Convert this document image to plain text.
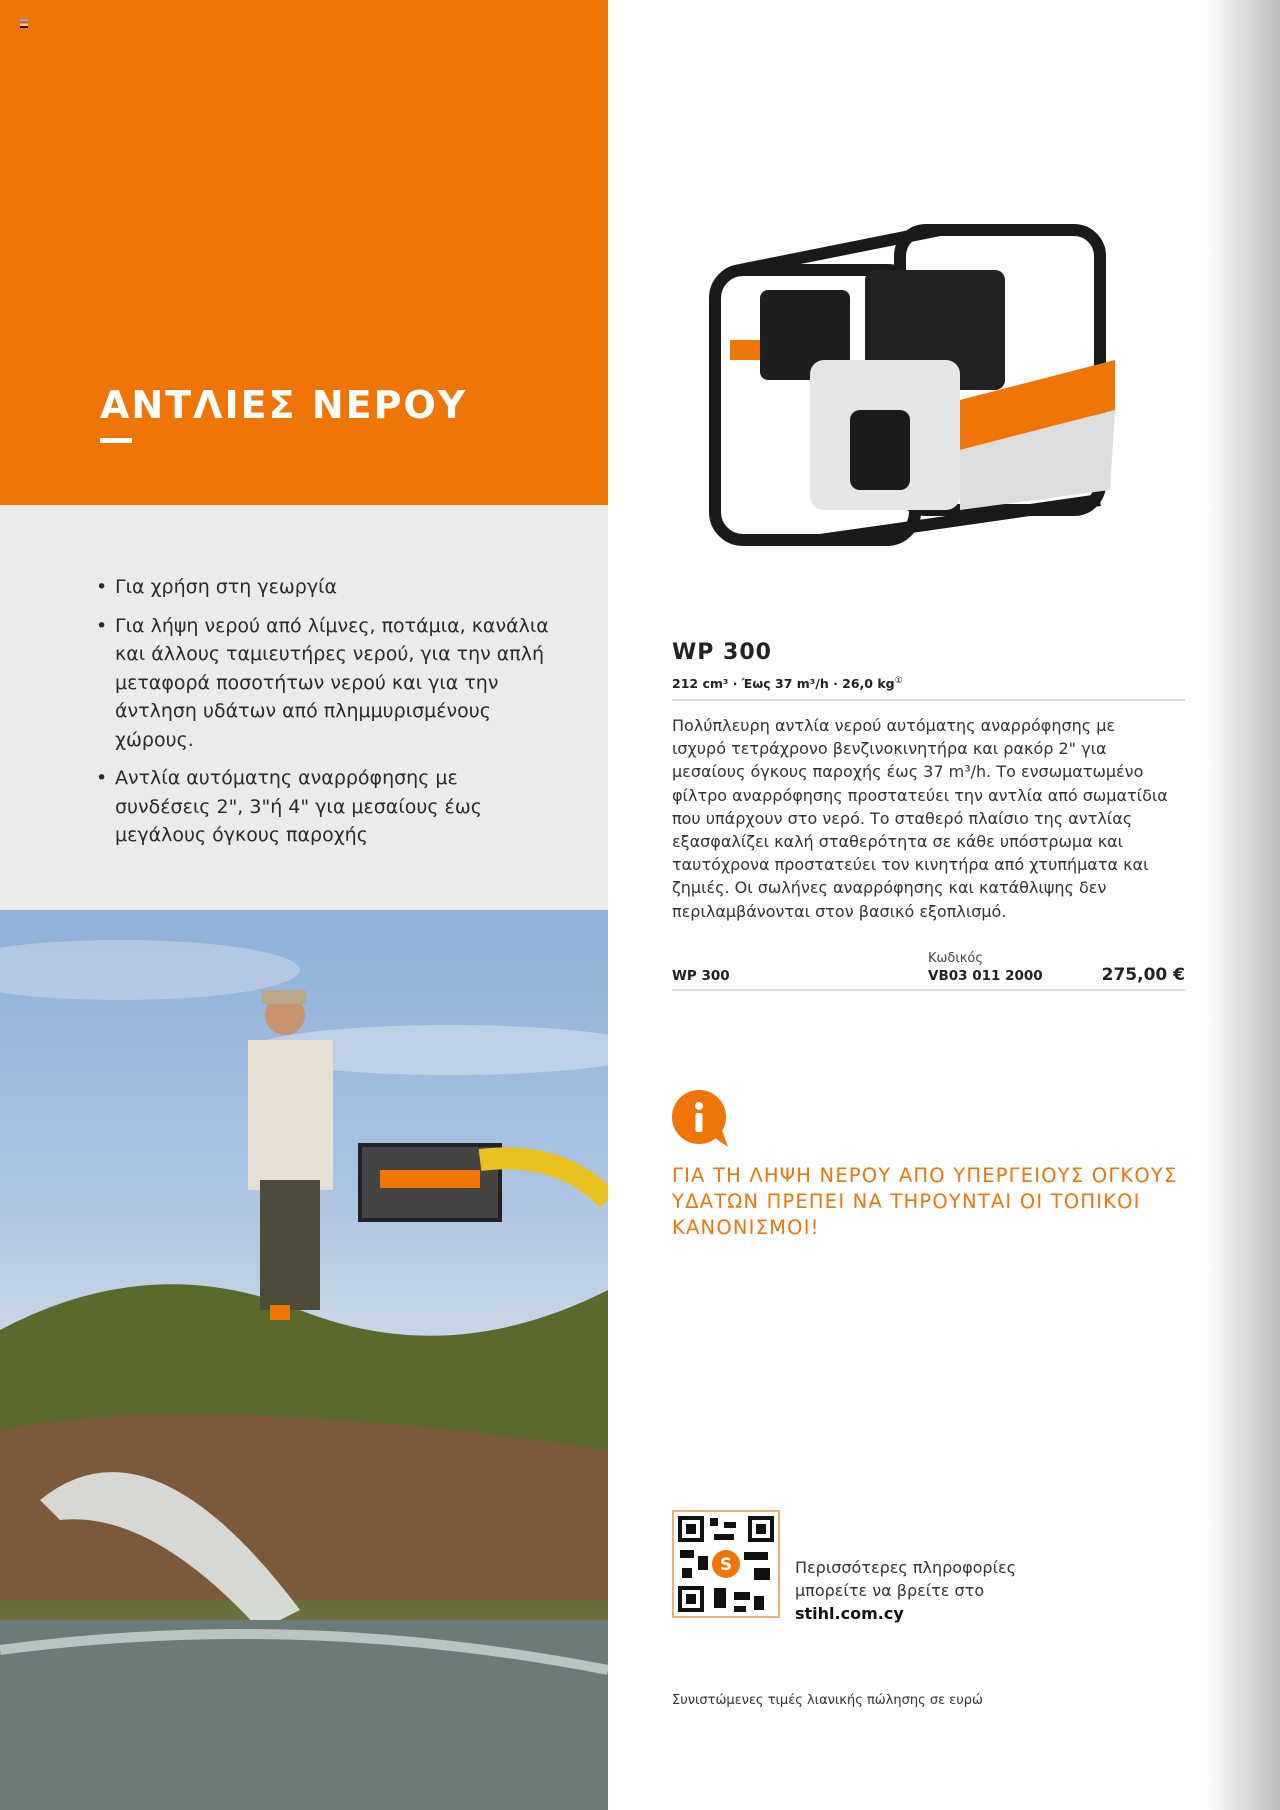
ΑΝΤΛΙΕΣ ΝΕΡΟΥ
• Για χρήση στη γεωργία
• Για λήψη νερού από λίμνες, ποτάμια, κανάλια και άλλους ταμιευτήρες νερού, για την απλή μεταφορά ποσοτήτων νερού και για την άντληση υδάτων από πλημμυρισμένους χώρους.
• Αντλία αυτόματης αναρρόφησης με συνδέσεις 2", 3"ή 4" για μεσαίους έως μεγάλους όγκους παροχής
WP 300
212 cm³ · Έως 37 m³/h · 26,0 kg①
Πολύπλευρη αντλία νερού αυτόματης αναρρόφησης με ισχυρό τετράχρονο βενζινοκινητήρα και ρακόρ 2" για μεσαίους όγκους παροχής έως 37 m³/h. Το ενσωματωμένο φίλτρο αναρρόφησης προστατεύει την αντλία από σωματίδια που υπάρχουν στο νερό. Το σταθερό πλαίσιο της αντλίας εξασφαλίζει καλή σταθερότητα σε κάθε υπόστρωμα και ταυτόχρονα προστατεύει τον κινητήρα από χτυπήματα και ζημιές. Οι σωλήνες αναρρόφησης και κατάθλιψης δεν περιλαμβάνονται στον βασικό εξοπλισμό.
Κωδικός
WP 300	VB03 011 2000	275,00 €
ΓΙΑ ΤΗ ΛΗΨΗ ΝΕΡΟΥ ΑΠΟ ΥΠΕΡΓΕΙΟΥΣ ΟΓΚΟΥΣ ΥΔΑΤΩΝ ΠΡΕΠΕΙ ΝΑ ΤΗΡΟΥΝΤΑΙ ΟΙ ΤΟΠΙΚΟΙ ΚΑΝΟΝΙΣΜΟΙ!
S	Περισσότερες πληροφορίες
μπορείτε να βρείτε στο
stihl.com.cy
Συνιστώμενες τιμές λιανικής πώλησης σε ευρώ
